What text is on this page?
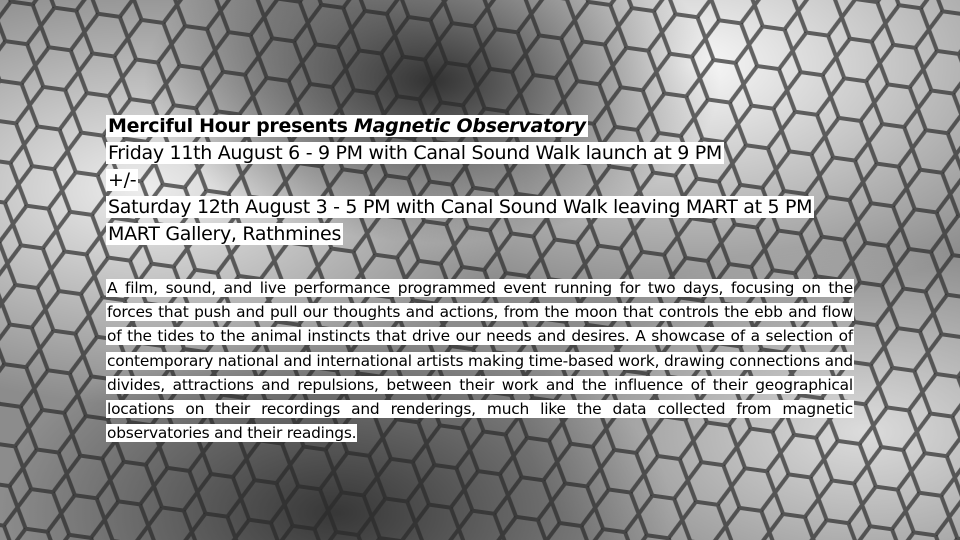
Merciful Hour presents Magnetic Observatory
Friday 11th August 6 - 9 PM with Canal Sound Walk launch at 9 PM
+/-
Saturday 12th August 3 - 5 PM with Canal Sound Walk leaving MART at 5 PM
MART Gallery, Rathmines
A film, sound, and live performance programmed event running for two days, focusing on the forces that push and pull our thoughts and actions, from the moon that controls the ebb and flow of the tides to the animal instincts that drive our needs and desires. A showcase of a selection of contemporary national and international artists making time-based work, drawing connections and divides, attractions and repulsions, between their work and the influence of their geographical locations on their recordings and renderings, much like the data collected from magnetic observatories and their readings.
